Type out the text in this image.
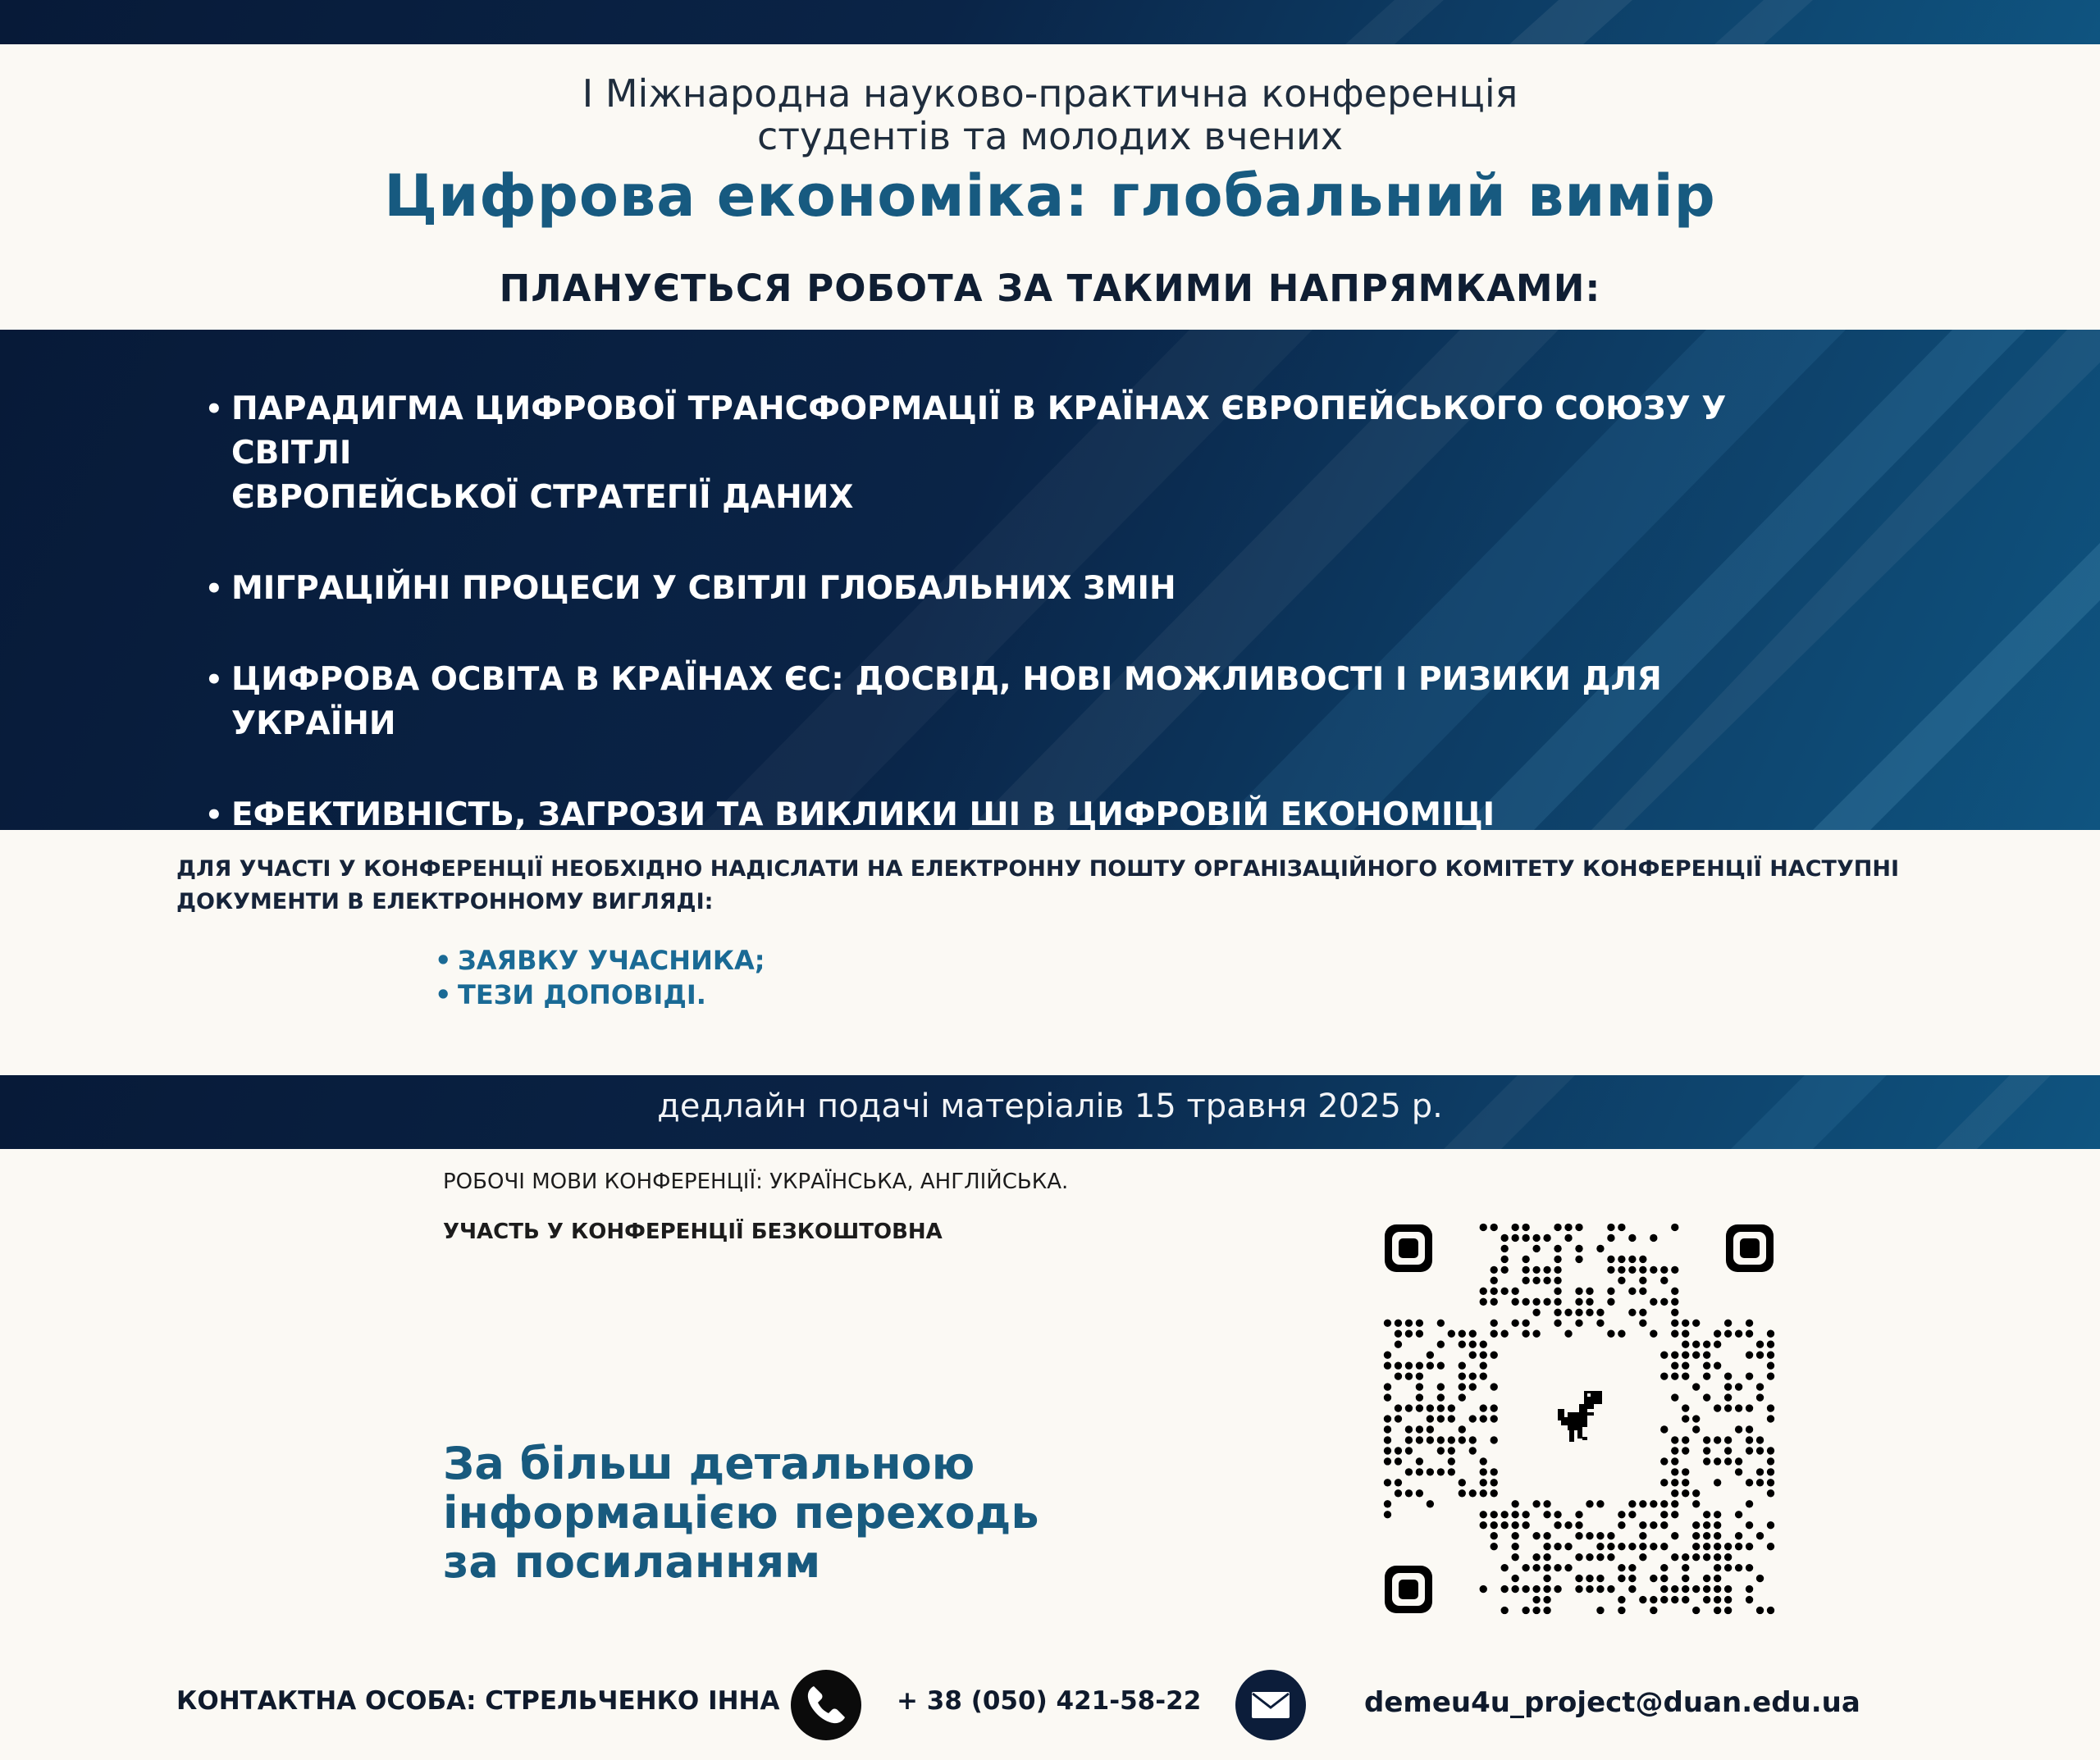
I Міжнародна науково-практична конференція
студентів та молодих вчених
Цифрова економіка: глобальний вимір
ПЛАНУЄТЬСЯ РОБОТА ЗА ТАКИМИ НАПРЯМКАМИ:
• ПАРАДИГМА ЦИФРОВОЇ ТРАНСФОРМАЦІЇ В КРАЇНАХ ЄВРОПЕЙСЬКОГО СОЮЗУ У СВІТЛІ
ЄВРОПЕЙСЬКОЇ СТРАТЕГІЇ ДАНИХ
• МІГРАЦІЙНІ ПРОЦЕСИ У СВІТЛІ ГЛОБАЛЬНИХ ЗМІН
• ЦИФРОВА ОСВІТА В КРАЇНАХ ЄС: ДОСВІД, НОВІ МОЖЛИВОСТІ І РИЗИКИ ДЛЯ УКРАЇНИ
• ЕФЕКТИВНІСТЬ, ЗАГРОЗИ ТА ВИКЛИКИ ШІ В ЦИФРОВІЙ ЕКОНОМІЦІ
ДЛЯ УЧАСТІ У КОНФЕРЕНЦІЇ НЕОБХІДНО НАДІСЛАТИ НА ЕЛЕКТРОННУ ПОШТУ ОРГАНІЗАЦІЙНОГО КОМІТЕТУ КОНФЕРЕНЦІЇ НАСТУПНІ
ДОКУМЕНТИ В ЕЛЕКТРОННОМУ ВИГЛЯДІ:
• ЗАЯВКУ УЧАСНИКА;
• ТЕЗИ ДОПОВІДІ.
дедлайн подачі матеріалів 15 травня 2025 р.
РОБОЧІ МОВИ КОНФЕРЕНЦІЇ: УКРАЇНСЬКА, АНГЛІЙСЬКА.
УЧАСТЬ У КОНФЕРЕНЦІЇ БЕЗКОШТОВНА
За більш детальною
інформацією переходь
за посиланням
КОНТАКТНА ОСОБА: СТРЕЛЬЧЕНКО ІННА	+ 38 (050) 421-58-22	demeu4u_project@duan.edu.ua
